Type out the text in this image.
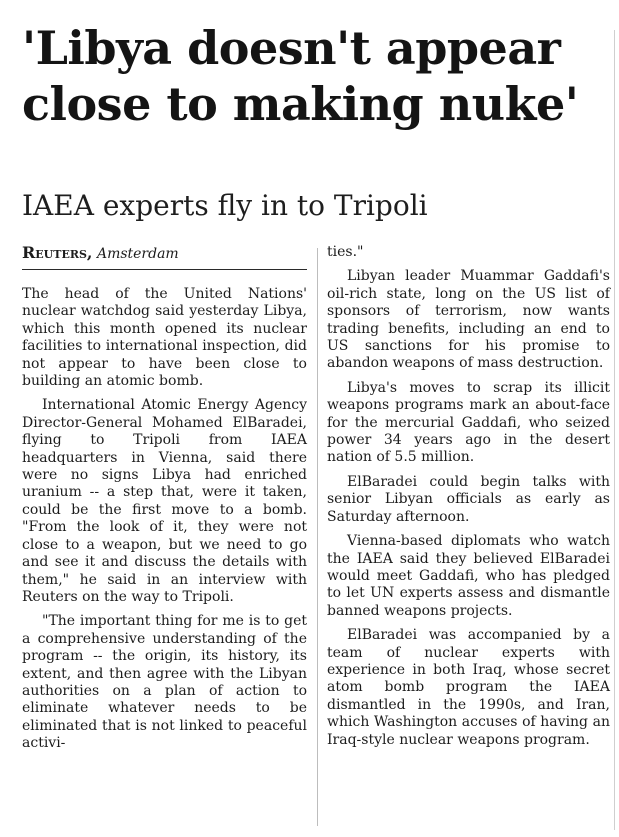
'Libya doesn't appear close to making nuke'
IAEA experts fly in to Tripoli
Reuters, Amsterdam

The head of the United Nations' nuclear watchdog said yesterday Libya, which this month opened its nuclear facilities to international inspection, did not appear to have been close to building an atomic bomb.

International Atomic Energy Agency Director-General Mohamed ElBaradei, flying to Tripoli from IAEA headquarters in Vienna, said there were no signs Libya had enriched uranium -- a step that, were it taken, could be the first move to a bomb. "From the look of it, they were not close to a weapon, but we need to go and see it and discuss the details with them," he said in an interview with Reuters on the way to Tripoli.

"The important thing for me is to get a comprehensive understanding of the program -- the origin, its history, its extent, and then agree with the Libyan authorities on a plan of action to eliminate whatever needs to be eliminated that is not linked to peaceful activi-

ties."

Libyan leader Muammar Gaddafi's oil-rich state, long on the US list of sponsors of terrorism, now wants trading benefits, including an end to US sanctions for his promise to abandon weapons of mass destruction.

Libya's moves to scrap its illicit weapons programs mark an about-face for the mercurial Gaddafi, who seized power 34 years ago in the desert nation of 5.5 million.

ElBaradei could begin talks with senior Libyan officials as early as Saturday afternoon.

Vienna-based diplomats who watch the IAEA said they believed ElBaradei would meet Gaddafi, who has pledged to let UN experts assess and dismantle banned weapons projects.

ElBaradei was accompanied by a team of nuclear experts with experience in both Iraq, whose secret atom bomb program the IAEA dismantled in the 1990s, and Iran, which Washington accuses of having an Iraq-style nuclear weapons program.
